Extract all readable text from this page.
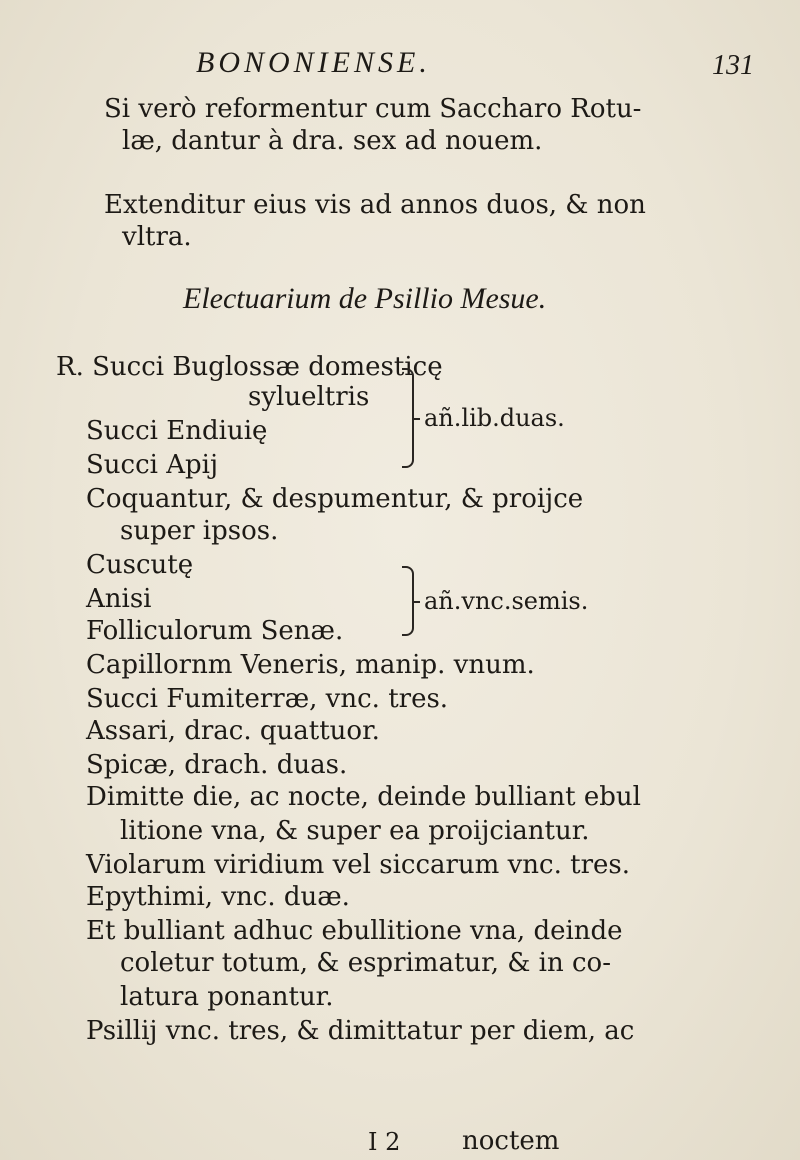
BONONIENSE.	131
Si verò reformentur cum Saccharo Rotu-
læ, dantur à dra. sex ad nouem.
Extenditur eius vis ad annos duos, & non
vltra.
Electuarium de Psillio Mesue.
R. Succi Buglossæ domesticę
sylueltris
Succi Endiuię
Succi Apij
añ.lib.duas.
Coquantur, & despumentur, & proijce
super ipsos.
Cuscutę
Anisi
Folliculorum Senæ.
añ.vnc.semis.
Capillornm Veneris, manip. vnum.
Succi Fumiterræ, vnc. tres.
Assari, drac. quattuor.
Spicæ, drach. duas.
Dimitte die, ac nocte, deinde bulliant ebul
litione vna, & super ea proijciantur.
Violarum viridium vel siccarum vnc. tres.
Epythimi, vnc. duæ.
Et bulliant adhuc ebullitione vna, deinde
coletur totum, & esprimatur, & in co-
latura ponantur.
Psillij vnc. tres, & dimittatur per diem, ac
I 2 noctem
